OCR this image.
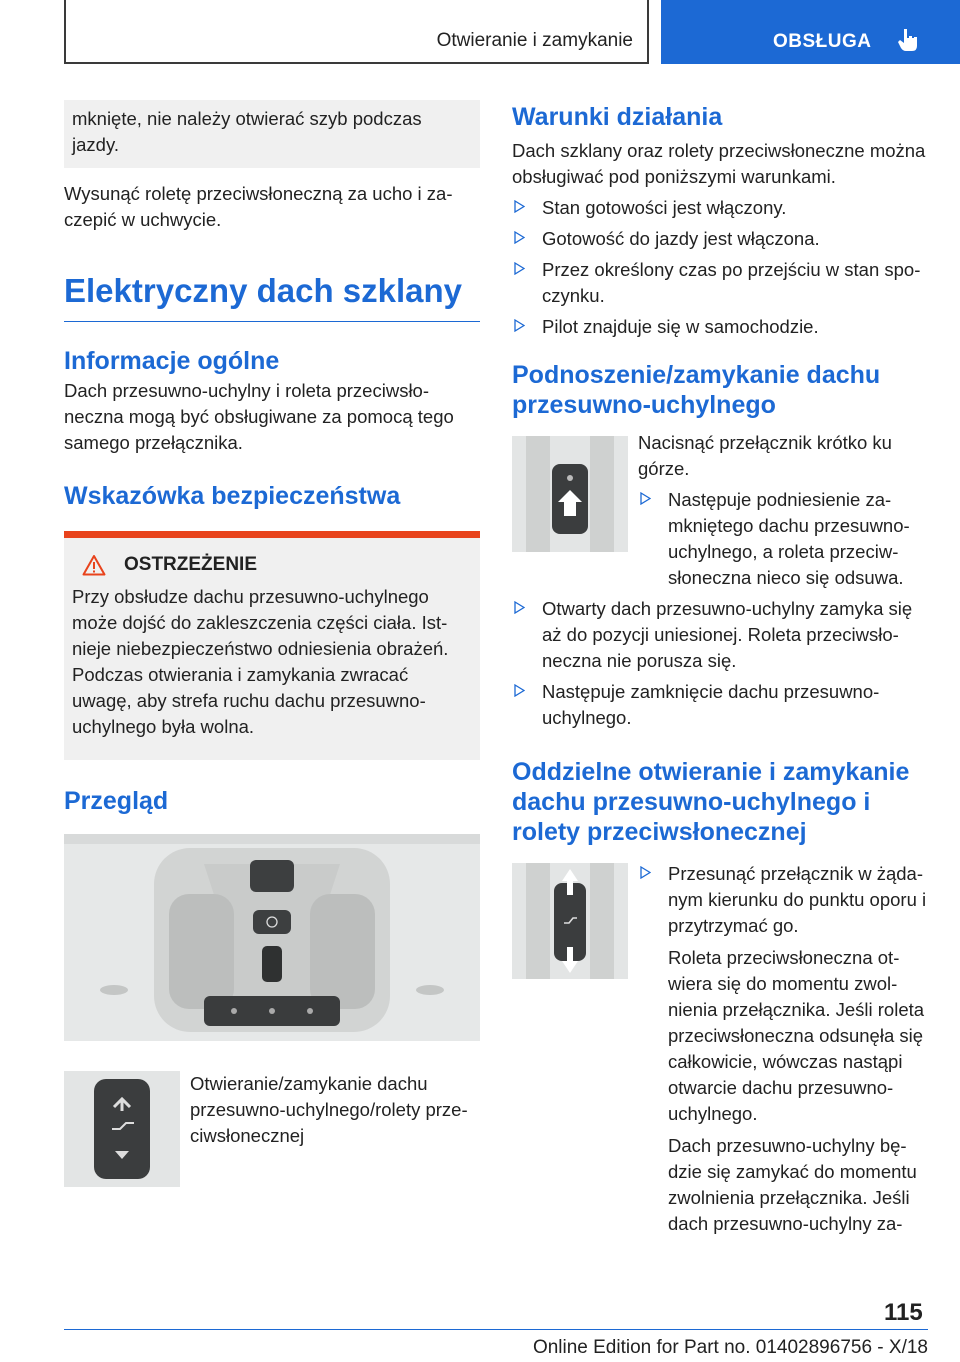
Otwieranie i zamykanie	OBSŁUGA

mknięte, nie należy otwierać szyb podczas jazdy.

Wysunąć roletę przeciwsłoneczną za ucho i zaczepić w uchwycie.

Elektryczny dach szklany
Informacje ogólne

Dach przesuwno-uchylny i roleta przeciwsłoneczna mogą być obsługiwane za pomocą tego samego przełącznika.

Wskazówka bezpieczeństwa
OSTRZEŻENIE

Przy obsłudze dachu przesuwno-uchylnego może dojść do zakleszczenia części ciała. Istnieje niebezpieczeństwo odniesienia obrażeń.

Podczas otwierania i zamykania zwracać uwagę, aby strefa ruchu dachu przesuwno-uchylnego była wolna.

Przegląd

Otwieranie/zamykanie dachu przesuwno-uchylnego/rolety przeciwsłonecznej

Warunki działania

Dach szklany oraz rolety przeciwsłoneczne można obsługiwać pod poniższymi warunkami.

Stan gotowości jest włączony.
Gotowość do jazdy jest włączona.
Przez określony czas po przejściu w stan spoczynku.
Pilot znajduje się w samochodzie.
Podnoszenie/zamykanie dachu przesuwno-uchylnego

Nacisnąć przełącznik krótko ku górze.

Następuje podniesienie zamkniętego dachu przesuwno-uchylnego, a roleta przeciwsłoneczna nieco się odsuwa.
Otwarty dach przesuwno-uchylny zamyka się aż do pozycji uniesionej. Roleta przeciwsłoneczna nie porusza się.
Następuje zamknięcie dachu przesuwno-uchylnego.
Oddzielne otwieranie i zamykanie dachu przesuwno-uchylnego i rolety przeciwsłonecznej
Przesunąć przełącznik w żądanym kierunku do punktu oporu i przytrzymać go.

Roleta przeciwsłoneczna otwiera się do momentu zwolnienia przełącznika. Jeśli roleta przeciwsłoneczna odsunęła się całkowicie, wówczas nastąpi otwarcie dachu przesuwno-uchylnego.

Dach przesuwno-uchylny będzie się zamykać do momentu zwolnienia przełącznika. Jeśli dach przesuwno-uchylny za-

115
Online Edition for Part no. 01402896756 - X/18
